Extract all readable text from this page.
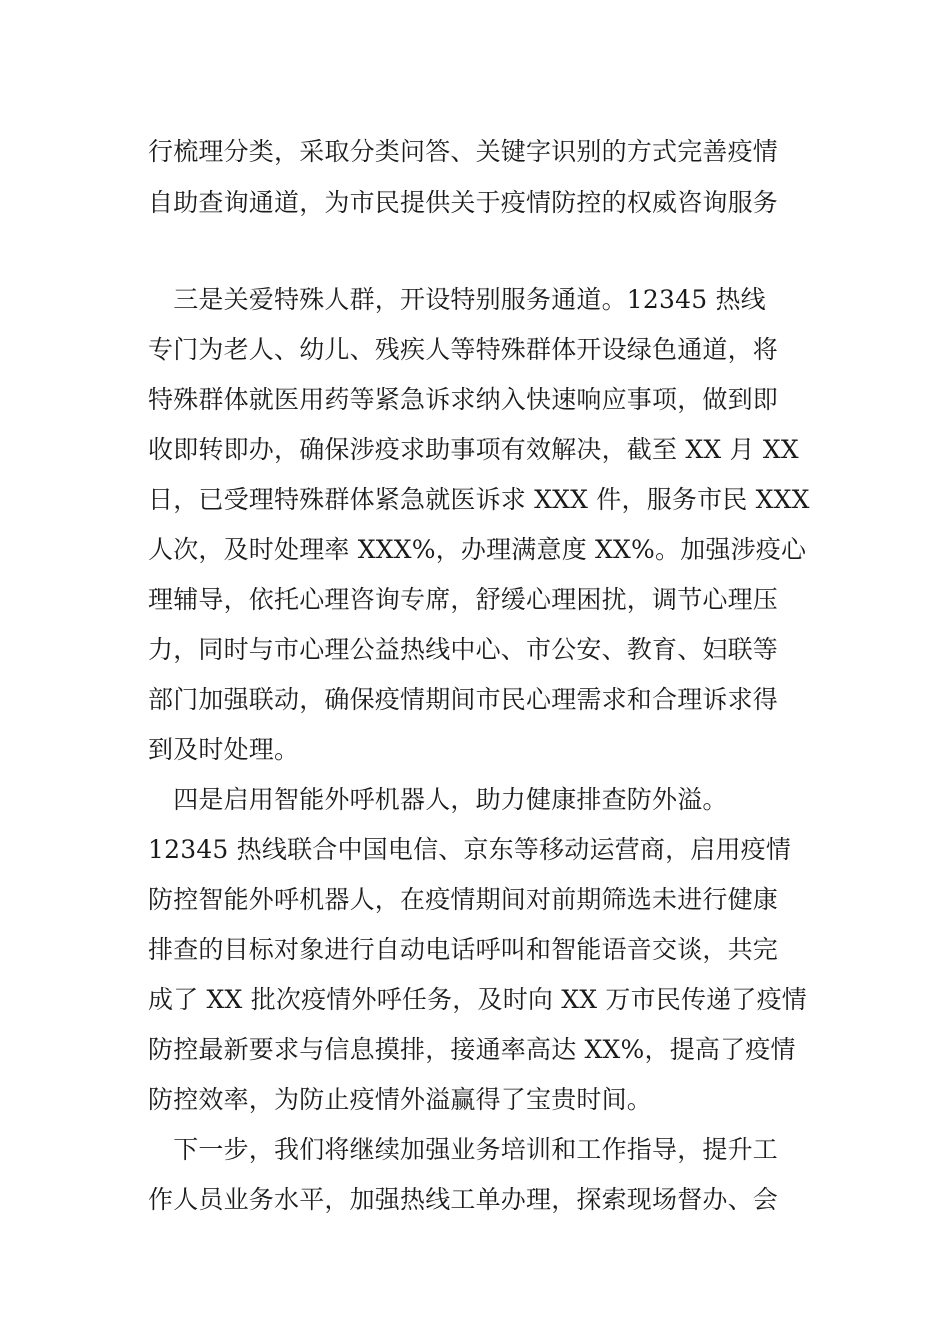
行梳理分类，采取分类问答、关键字识别的方式完善疫情
自助查询通道，为市民提供关于疫情防控的权威咨询服务
　三是关爱特殊人群，开设特别服务通道。12345 热线
专门为老人、幼儿、残疾人等特殊群体开设绿色通道，将
特殊群体就医用药等紧急诉求纳入快速响应事项，做到即
收即转即办，确保涉疫求助事项有效解决，截至 XX 月 XX
日，已受理特殊群体紧急就医诉求 XXX 件，服务市民 XXX
人次，及时处理率 XXX%，办理满意度 XX%。加强涉疫心
理辅导，依托心理咨询专席，舒缓心理困扰，调节心理压
力，同时与市心理公益热线中心、市公安、教育、妇联等
部门加强联动，确保疫情期间市民心理需求和合理诉求得
到及时处理。
　四是启用智能外呼机器人，助力健康排查防外溢。
12345 热线联合中国电信、京东等移动运营商，启用疫情
防控智能外呼机器人，在疫情期间对前期筛选未进行健康
排查的目标对象进行自动电话呼叫和智能语音交谈，共完
成了 XX 批次疫情外呼任务，及时向 XX 万市民传递了疫情
防控最新要求与信息摸排，接通率高达 XX%，提高了疫情
防控效率，为防止疫情外溢赢得了宝贵时间。
　下一步，我们将继续加强业务培训和工作指导，提升工
作人员业务水平，加强热线工单办理，探索现场督办、会
